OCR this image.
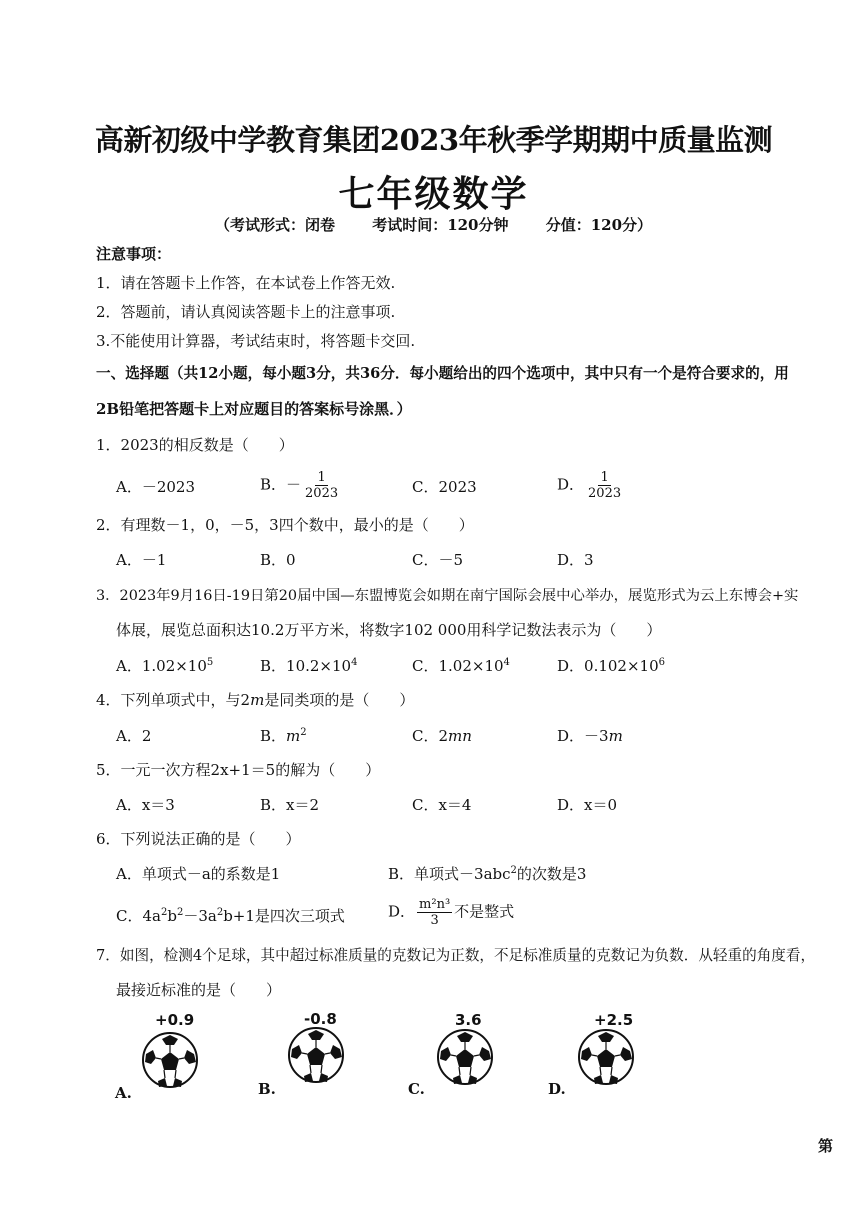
高新初级中学教育集团2023年秋季学期期中质量监测
七年级数学
（考试形式：闭卷 考试时间：120分钟 分值：120分）
注意事项：
1．请在答题卡上作答，在本试卷上作答无效.
2．答题前，请认真阅读答题卡上的注意事项.
3.不能使用计算器，考试结束时，将答题卡交回.
一、选择题（共12小题，每小题3分，共36分．每小题给出的四个选项中，其中只有一个是符合要求的，用
2B铅笔把答题卡上对应题目的答案标号涂黑．）
1．2023的相反数是（　　）
A．－2023	B．－ $\frac{1}{2023}$	C．2023	D． $\frac{1}{2023}$
2．有理数－1，0，－5，3四个数中，最小的是（　　）
A．－1	B．0	C．－5	D．3
3．2023年9月16日-19日第20届中国—东盟博览会如期在南宁国际会展中心举办，展览形式为云上东博会+实
体展，展览总面积达10.2万平方米，将数字102 000用科学记数法表示为（　　）
A．$1.02\times 10^5$	B．$10.2\times 10^4$	C．$1.02\times 10^4$	D．$0.102\times 10^6$
4．下列单项式中，与2m是同类项的是（　　）
A．2	B．$m^2$	C．2mn	D．－3m
5．一元一次方程2x+1＝5的解为（　　）
A．x＝3	B．x＝2	C．x＝4	D．x＝0
6．下列说法正确的是（　　）
A．单项式－a的系数是1	B．单项式－3abc$^2$的次数是3
C．$4a^2b^2-3a^2b+1$是四次三项式	D． $\frac{\text{m²n³}}{3}$ 不是整式
7．如图，检测4个足球，其中超过标准质量的克数记为正数，不足标准质量的克数记为负数．从轻重的角度看，
最接近标准的是（　　）
+0.9
A.
-0.8
B.
3.6
C.
+2.5
D.
第
